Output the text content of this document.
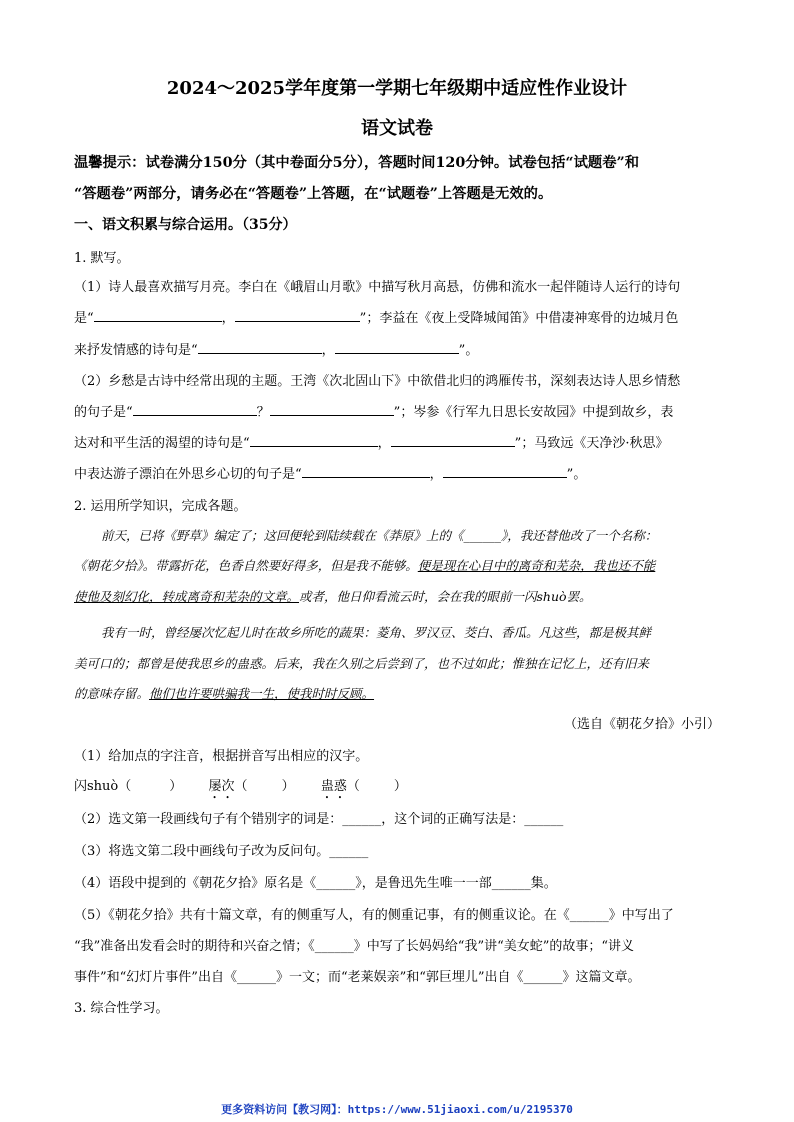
2024～2025学年度第一学期七年级期中适应性作业设计
语文试卷
温馨提示：试卷满分150分（其中卷面分5分），答题时间120分钟。试卷包括“试题卷”和
“答题卷”两部分，请务必在“答题卷”上答题，在“试题卷”上答题是无效的。
一、语文积累与综合运用。（35分）
1. 默写。
（1）诗人最喜欢描写月亮。李白在《峨眉山月歌》中描写秋月高悬，仿佛和流水一起伴随诗人运行的诗句
是“	，	”；李益在《夜上受降城闻笛》中借凄神寒骨的边城月色
来抒发情感的诗句是“	，	”。
（2）乡愁是古诗中经常出现的主题。王湾《次北固山下》中欲借北归的鸿雁传书，深刻表达诗人思乡情愁
的句子是“	？	”；岑参《行军九日思长安故园》中提到故乡，表
达对和平生活的渴望的诗句是“	，	”；马致远《天净沙·秋思》
中表达游子漂泊在外思乡心切的句子是“	，	”。
2. 运用所学知识，完成各题。
前天，已将《野草》编定了；这回便轮到陆续载在《莽原》上的《______》，我还替他改了一个名称：
《朝花夕拾》。带露折花，色香自然要好得多，但是我不能够。便是现在心目中的离奇和芜杂，我也还不能
使他及刻幻化，转成离奇和芜杂的文章。或者，他日仰看流云时，会在我的眼前一闪shuò罢。
我有一时，曾经屡次忆起儿时在故乡所吃的蔬果：菱角、罗汉豆、茭白、香瓜。凡这些，都是极其鲜
美可口的；都曾是使我思乡的蛊惑。后来，我在久别之后尝到了，也不过如此；惟独在记忆上，还有旧来
的意味存留。他们也许要哄骗我一生，使我时时反顾。
（选自《朝花夕拾》小引）
（1）给加点的字注音，根据拼音写出相应的汉字。
闪shuò（	） 屡次（	） 蛊惑（	）
（2）选文第一段画线句子有个错别字的词是：______，这个词的正确写法是：______
（3）将选文第二段中画线句子改为反问句。______
（4）语段中提到的《朝花夕拾》原名是《______》，是鲁迅先生唯一一部______集。
（5）《朝花夕拾》共有十篇文章，有的侧重写人，有的侧重记事，有的侧重议论。在《______》中写出了
“我”准备出发看会时的期待和兴奋之情；《______》中写了长妈妈给“我”讲“美女蛇”的故事；“讲义
事件”和“幻灯片事件”出自《______》一文；而“老莱娱亲”和“郭巨埋儿”出自《______》这篇文章。
3. 综合性学习。
更多资料访问【教习网】：https://www.51jiaoxi.com/u/2195370
